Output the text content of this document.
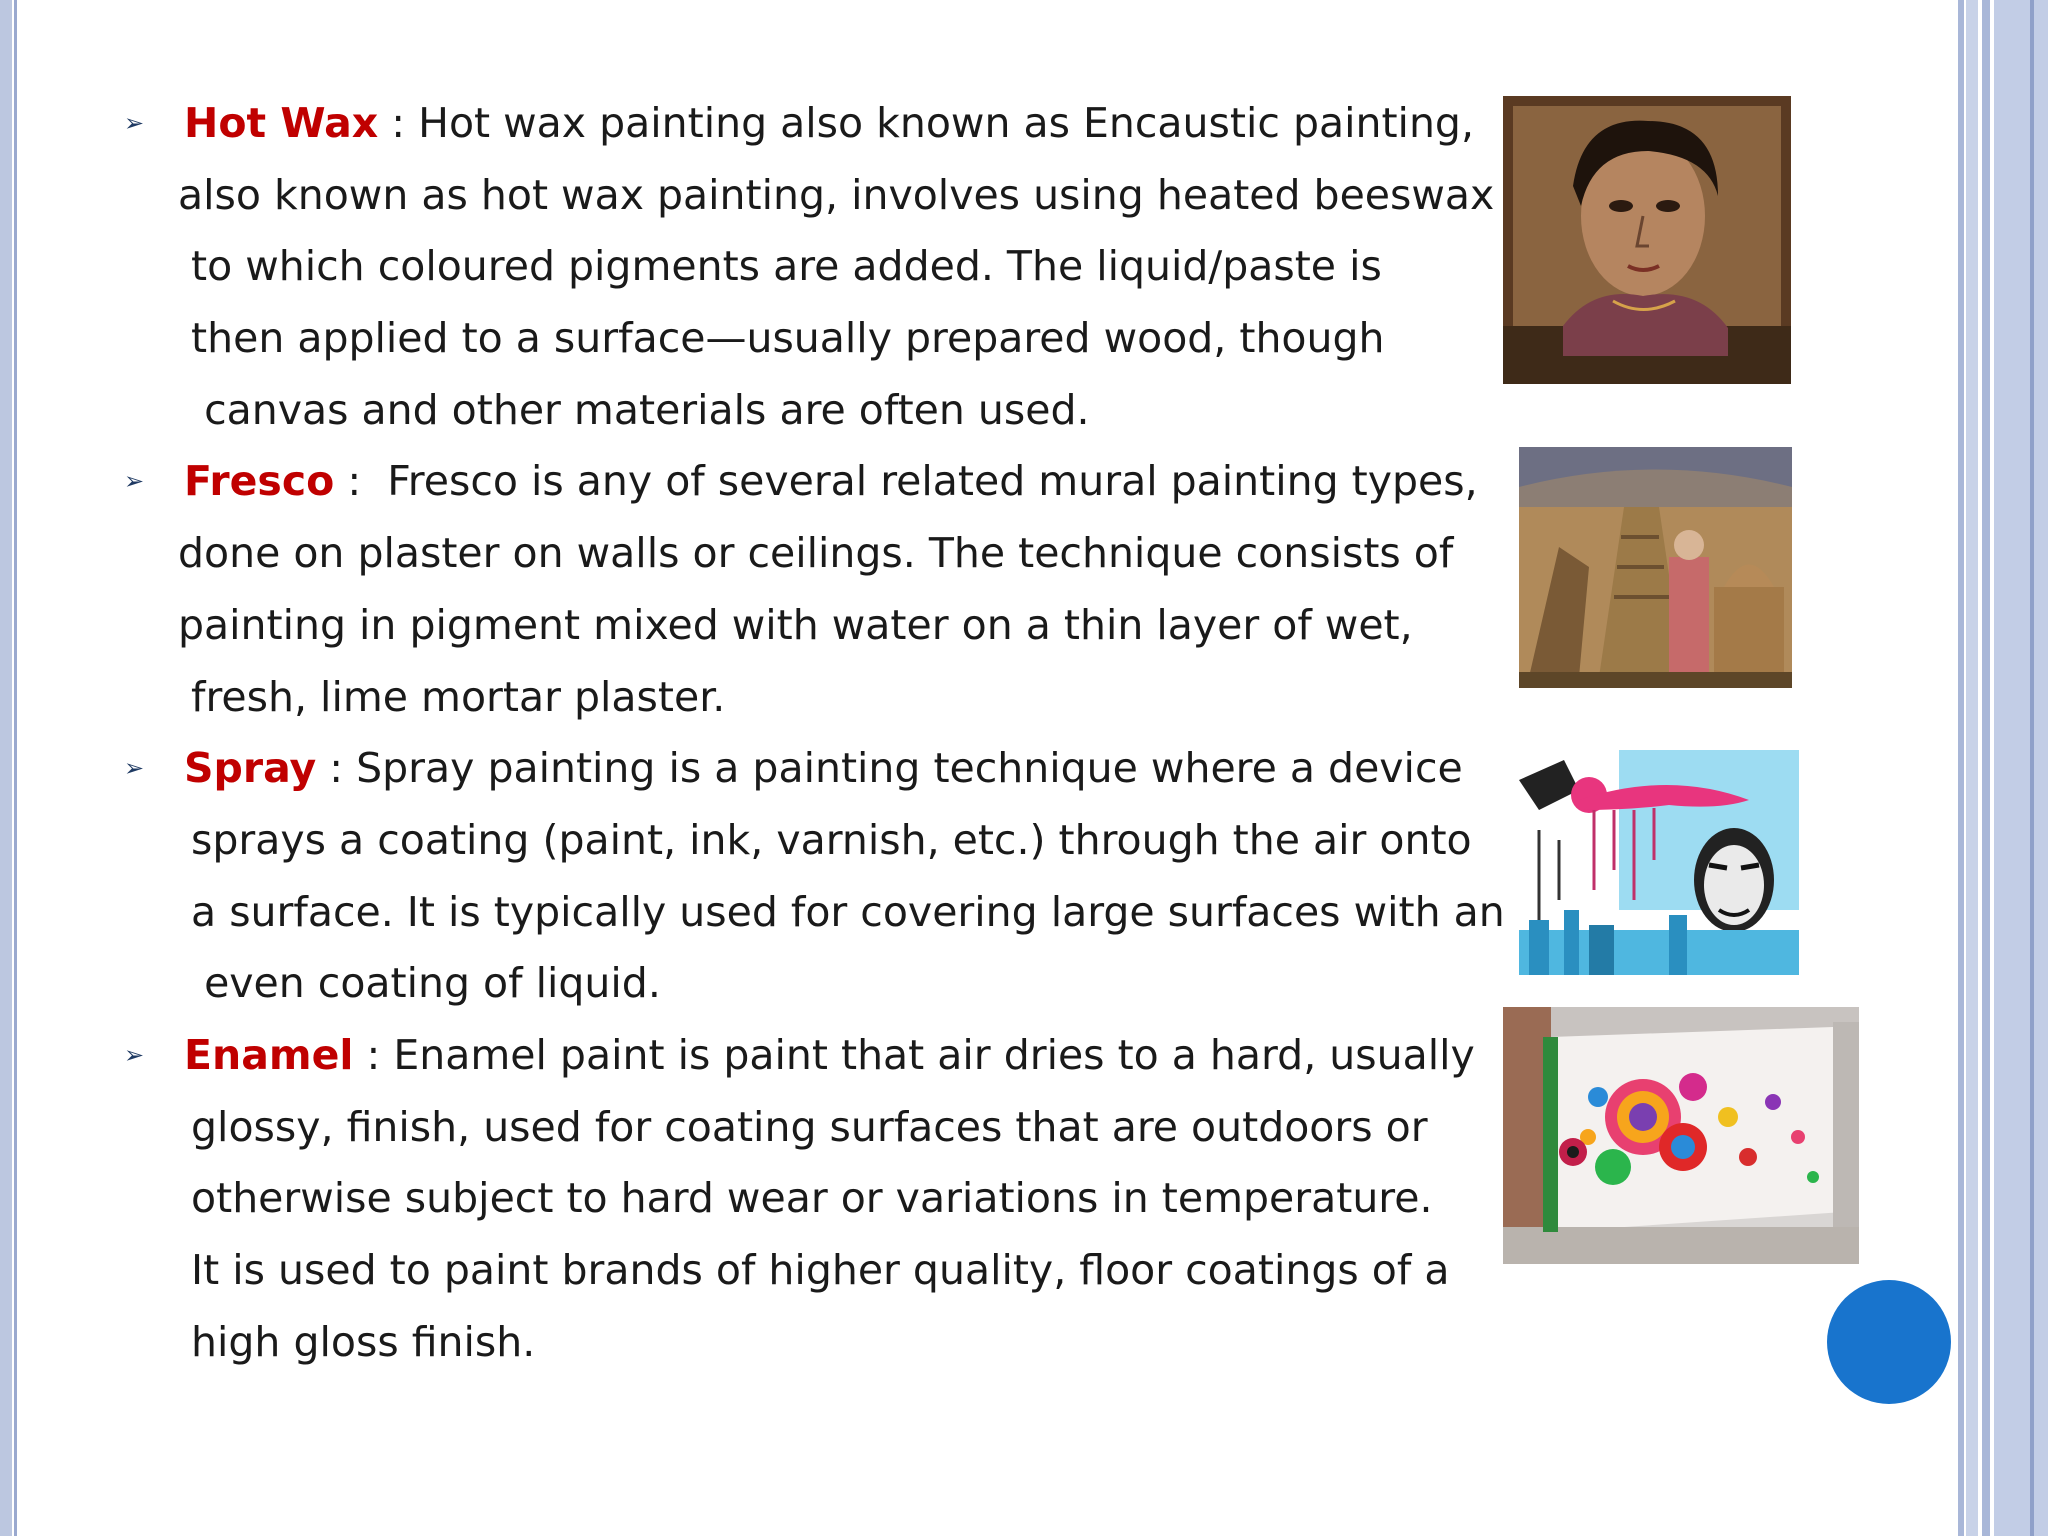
➢ Hot Wax : Hot wax painting also known as Encaustic painting,
also known as hot wax painting, involves using heated beeswax
to which coloured pigments are added. The liquid/paste is
then applied to a surface—usually prepared wood, though
canvas and other materials are often used.
➢ Fresco :  Fresco is any of several related mural painting types,
done on plaster on walls or ceilings. The technique consists of
painting in pigment mixed with water on a thin layer of wet,
fresh, lime mortar plaster.
➢ Spray : Spray painting is a painting technique where a device
sprays a coating (paint, ink, varnish, etc.) through the air onto
a surface. It is typically used for covering large surfaces with an
even coating of liquid.
➢ Enamel : Enamel paint is paint that air dries to a hard, usually
glossy, finish, used for coating surfaces that are outdoors or
otherwise subject to hard wear or variations in temperature.
It is used to paint brands of higher quality, floor coatings of a
high gloss finish.
